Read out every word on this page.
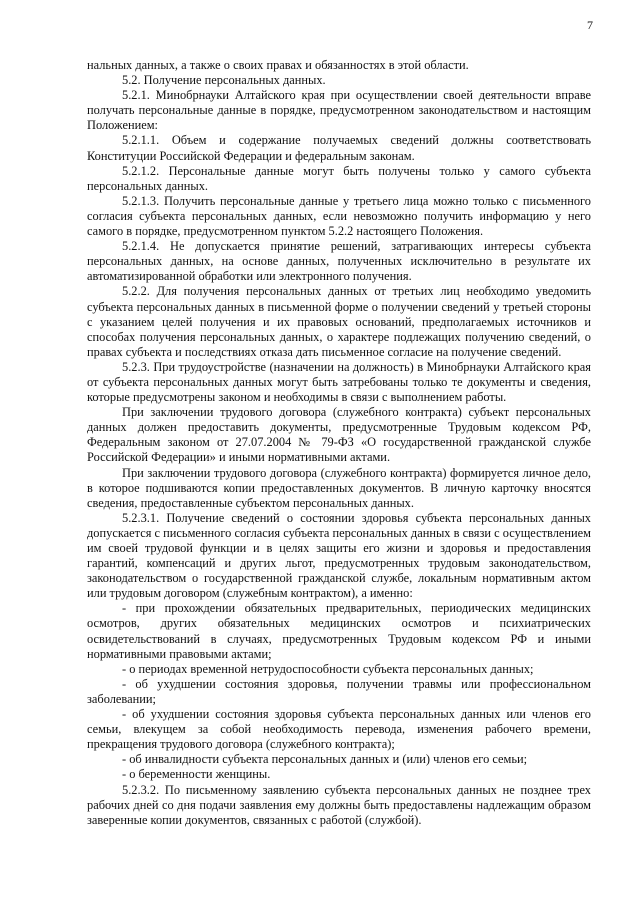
7

нальных данных, а также о своих правах и обязанностях в этой области.

5.2. Получение персональных данных.

5.2.1. Минобрнауки Алтайского края при осуществлении своей деятельности вправе получать персональные данные в порядке, предусмотренном законодательством и настоящим Положением:

5.2.1.1. Объем и содержание получаемых сведений должны соответствовать Конституции Российской Федерации и федеральным законам.

5.2.1.2. Персональные данные могут быть получены только у самого субъекта персональных данных.

5.2.1.3. Получить персональные данные у третьего лица можно только с письменного согласия субъекта персональных данных, если невозможно получить информацию у него самого в порядке, предусмотренном пунктом 5.2.2 настоящего Положения.

5.2.1.4. Не допускается принятие решений, затрагивающих интересы субъекта персональных данных, на основе данных, полученных исключительно в результате их автоматизированной обработки или электронного получения.

5.2.2. Для получения персональных данных от третьих лиц необходимо уведомить субъекта персональных данных в письменной форме о получении сведений у третьей стороны с указанием целей получения и их правовых оснований, предполагаемых источников и способах получения персональных данных, о характере подлежащих получению сведений, о правах субъекта и последствиях отказа дать письменное согласие на получение сведений.

5.2.3. При трудоустройстве (назначении на должность) в Минобрнауки Алтайского края от субъекта персональных данных могут быть затребованы только те документы и сведения, которые предусмотрены законом и необходимы в связи с выполнением работы.

При заключении трудового договора (служебного контракта) субъект персональных данных должен предоставить документы, предусмотренные Трудовым кодексом РФ, Федеральным законом от 27.07.2004 № 79-ФЗ «О государственной гражданской службе Российской Федерации» и иными нормативными актами.

При заключении трудового договора (служебного контракта) формируется личное дело, в которое подшиваются копии предоставленных документов. В личную карточку вносятся сведения, предоставленные субъектом персональных данных.

5.2.3.1. Получение сведений о состоянии здоровья субъекта персональных данных допускается с письменного согласия субъекта персональных данных в связи с осуществлением им своей трудовой функции и в целях защиты его жизни и здоровья и предоставления гарантий, компенсаций и других льгот, предусмотренных трудовым законодательством, законодательством о государственной гражданской службе, локальным нормативным актом или трудовым договором (служебным контрактом), а именно:

- при прохождении обязательных предварительных, периодических медицинских осмотров, других обязательных медицинских осмотров и психиатрических освидетельствований в случаях, предусмотренных Трудовым кодексом РФ и иными нормативными правовыми актами;

- о периодах временной нетрудоспособности субъекта персональных данных;

- об ухудшении состояния здоровья, получении травмы или профессиональном заболевании;

- об ухудшении состояния здоровья субъекта персональных данных или членов его семьи, влекущем за собой необходимость перевода, изменения рабочего времени, прекращения трудового договора (служебного контракта);

- об инвалидности субъекта персональных данных и (или) членов его семьи;

- о беременности женщины.

5.2.3.2. По письменному заявлению субъекта персональных данных не позднее трех рабочих дней со дня подачи заявления ему должны быть предоставлены надлежащим образом заверенные копии документов, связанных с работой (службой).
